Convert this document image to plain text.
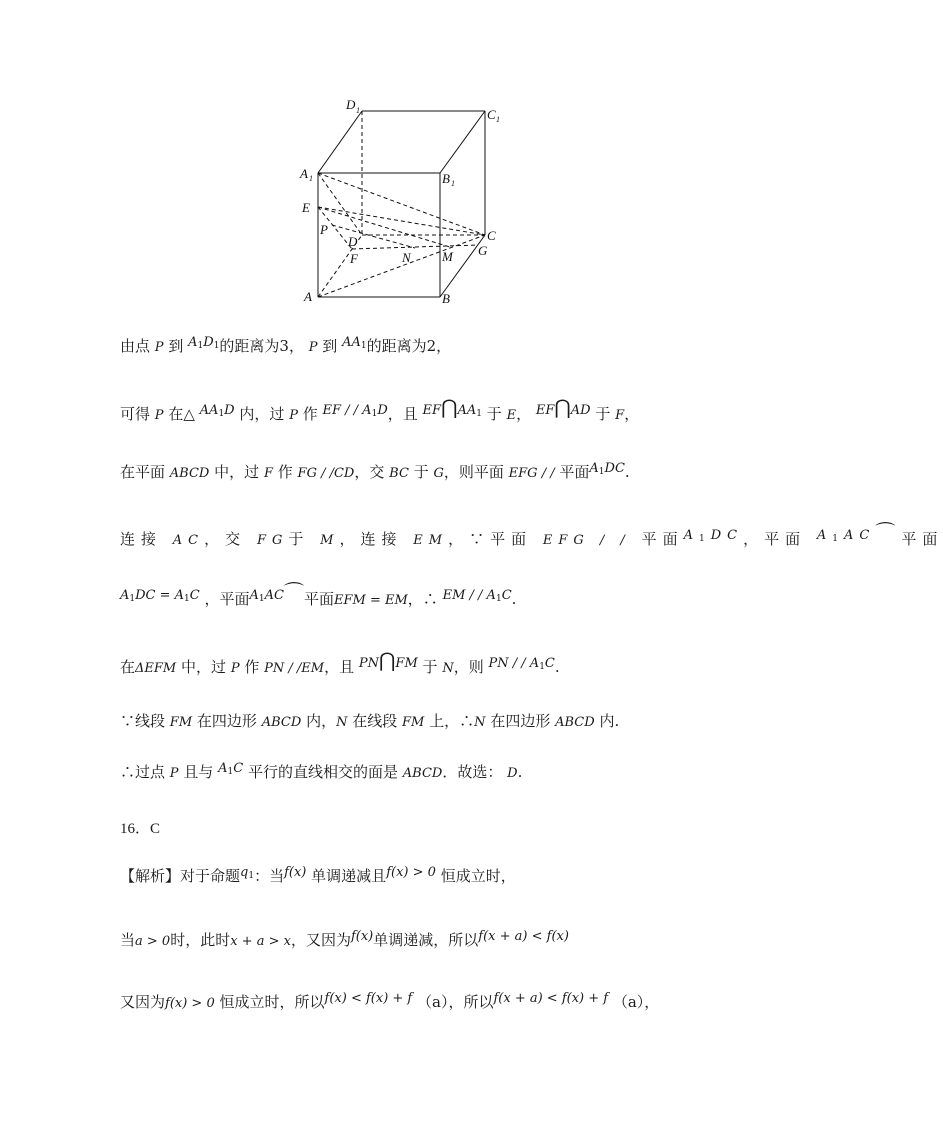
D 1	C 1
A 1	B 1
E
P
D	C
F	N M G
A	B
由点 P 到 $A_1D_1$的距离为3， P 到 $AA_1$的距离为2，
可得 P 在△ $AA_1D$ 内，过 P 作 EF / / $A_1D$，且 $EF⋂AA_1$ 于 E， EF⋂AD 于 F，
在平面 ABCD 中，过 F 作 FG / /CD，交 BC 于 G，则平面 EFG / / 平面$A_1DC$.
连接 AC，交 FG于 M，连接 EM，∵平面 EFG / / 平面$A_1DC$，平面 $A_1AC⌒$平面
$A_1DC = A_1C$ ，平面$A_1AC⌒$平面EFM = EM，∴ EM / / $A_1C$.
在ΔEFM 中，过 P 作 PN / /EM，且 PN⋂FM 于 N，则 PN / / $A_1C$.
∵线段 FM 在四边形 ABCD 内，N 在线段 FM 上，∴N 在四边形 ABCD 内.
∴过点 P 且与 $A_1C$ 平行的直线相交的面是 ABCD．故选： D.
16．C
【解析】对于命题$q_1$：当f(x) 单调递减且f(x) > 0 恒成立时，
当a > 0时，此时x + a > x，又因为f(x)单调递减，所以f(x + a) < f(x)
又因为f(x) > 0 恒成立时，所以f(x) < f(x) + f （a），所以f(x + a) < f(x) + f （a），
